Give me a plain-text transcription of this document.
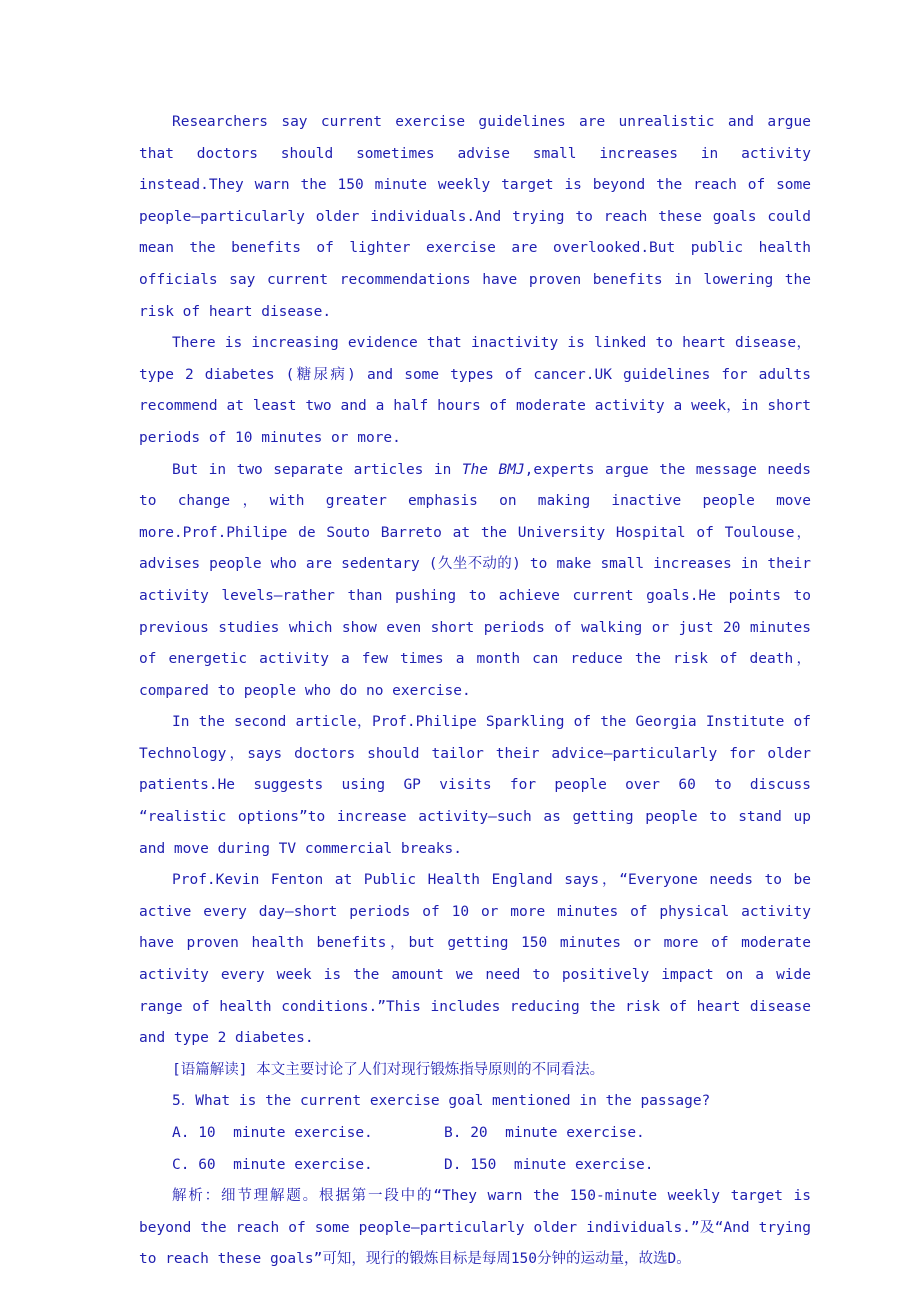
Researchers say current exercise guidelines are unrealistic and argue that doctors should sometimes advise small increases in activity instead.They warn the 150 minute weekly target is beyond the reach of some people—particularly older individuals.And trying to reach these goals could mean the benefits of lighter exercise are overlooked.But public health officials say current recommendations have proven benefits in lowering the risk of heart disease.

There is increasing evidence that inactivity is linked to heart disease，type 2 diabetes (糖尿病) and some types of cancer.UK guidelines for adults recommend at least two and a half hours of moderate activity a week，in short periods of 10 minutes or more.

But in two separate articles in The BMJ,experts argue the message needs to change，with greater emphasis on making inactive people move more.Prof.Philipe de Souto Barreto at the University Hospital of Toulouse，advises people who are sedentary (久坐不动的) to make small increases in their activity levels—rather than pushing to achieve current goals.He points to previous studies which show even short periods of walking or just 20 minutes of energetic activity a few times a month can reduce the risk of death，compared to people who do no exercise.

In the second article，Prof.Philipe Sparkling of the Georgia Institute of Technology，says doctors should tailor their advice—particularly for older patients.He suggests using GP visits for people over 60 to discuss “realistic options”to increase activity—such as getting people to stand up and move during TV commercial breaks.

Prof.Kevin Fenton at Public Health England says，“Everyone needs to be active every day—short periods of 10 or more minutes of physical activity have proven health benefits，but getting 150 minutes or more of moderate activity every week is the amount we need to positively impact on a wide range of health conditions.”This includes reducing the risk of heart disease and type 2 diabetes.

[语篇解读] 本文主要讨论了人们对现行锻炼指导原则的不同看法。

5．What is the current exercise goal mentioned in the passage?

A. 10  minute exercise.	B. 20  minute exercise.
C. 60  minute exercise.	D. 150  minute exercise.

解析：细节理解题。根据第一段中的“They warn the 150-minute weekly target is beyond the reach of some people—particularly older individuals.”及“And trying to reach these goals”可知，现行的锻炼目标是每周150分钟的运动量，故选D。
